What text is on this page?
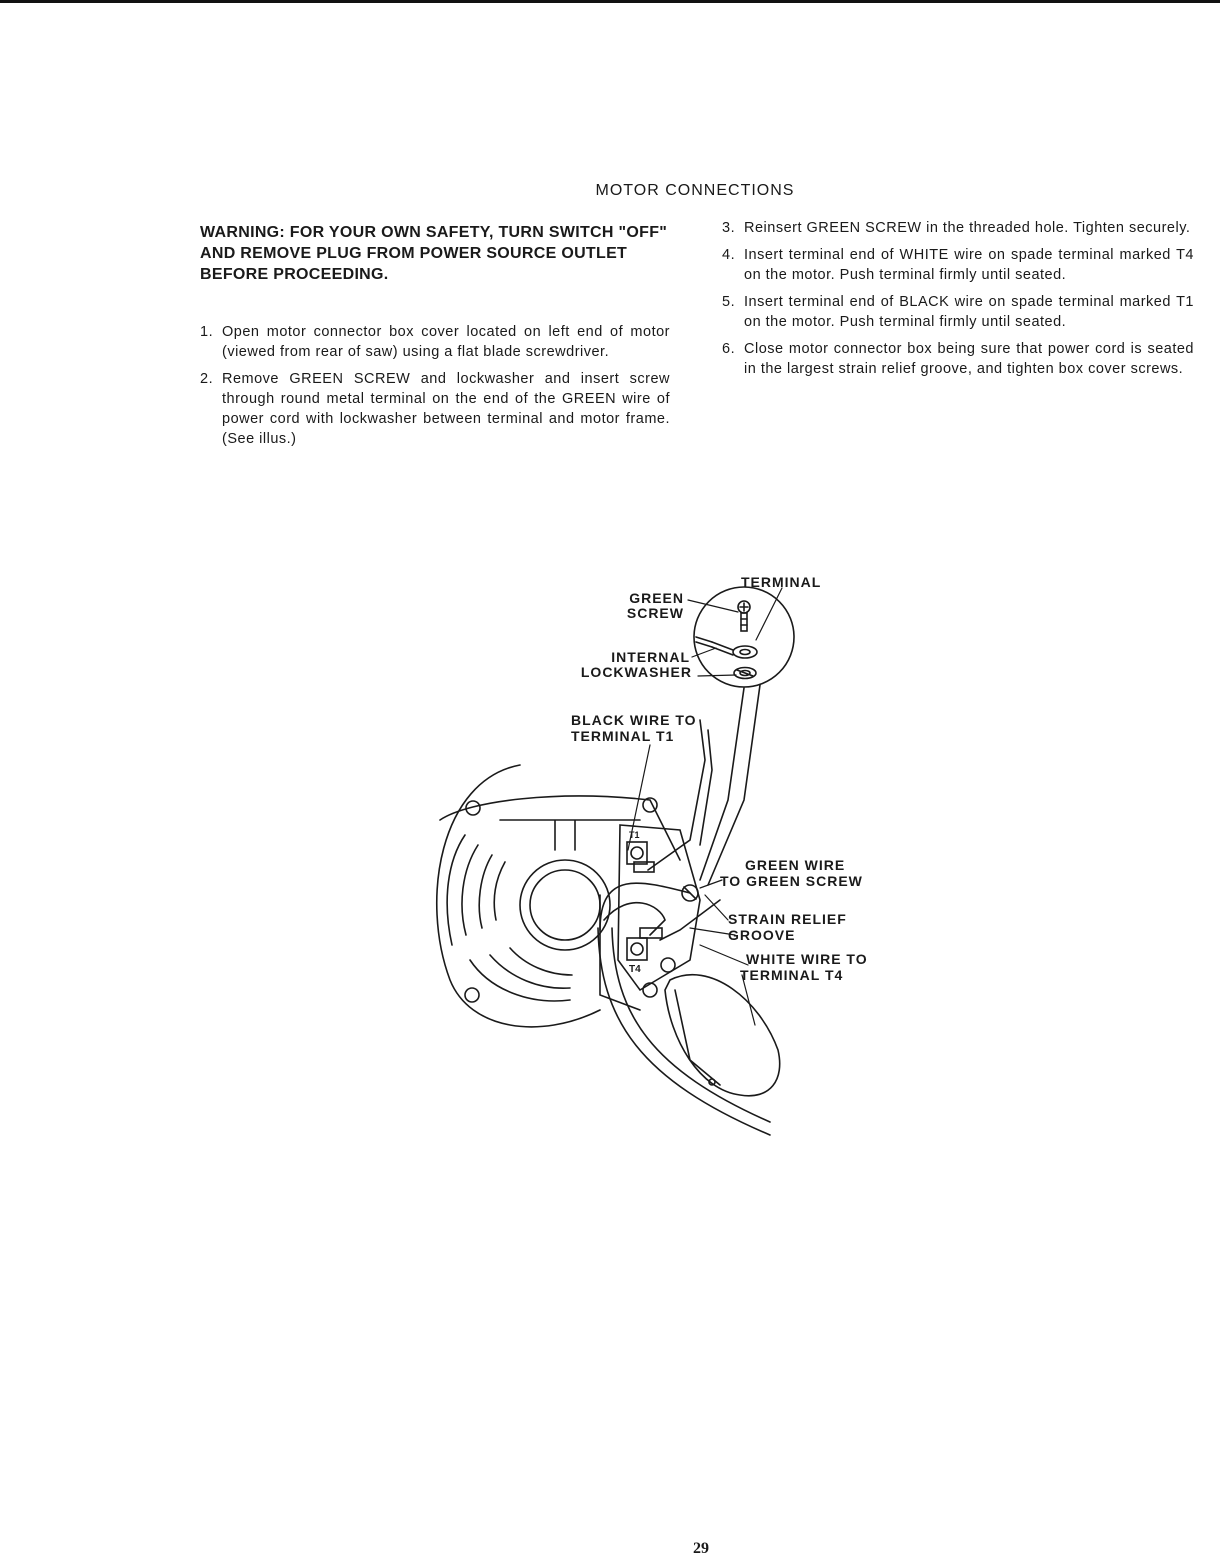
MOTOR CONNECTIONS

WARNING: FOR YOUR OWN SAFETY, TURN SWITCH "OFF" AND REMOVE PLUG FROM POWER SOURCE OUTLET BEFORE PROCEEDING.

1. Open motor connector box cover located on left end of motor (viewed from rear of saw) using a flat blade screwdriver.
2. Remove GREEN SCREW and lockwasher and insert screw through round metal terminal on the end of the GREEN wire of power cord with lockwasher between terminal and motor frame. (See illus.)
3. Reinsert GREEN SCREW in the threaded hole. Tighten securely.
4. Insert terminal end of WHITE wire on spade terminal marked T4 on the motor. Push terminal firmly until seated.
5. Insert terminal end of BLACK wire on spade terminal marked T1 on the motor. Push terminal firmly until seated.
6. Close motor connector box being sure that power cord is seated in the largest strain relief groove, and tighten box cover screws.
TERMINAL
GREEN
SCREW
INTERNAL
LOCKWASHER
BLACK WIRE TO
TERMINAL T1
GREEN WIRE
TO GREEN SCREW
STRAIN RELIEF
GROOVE
WHITE WIRE TO
TERMINAL T4
T1
T4
29
